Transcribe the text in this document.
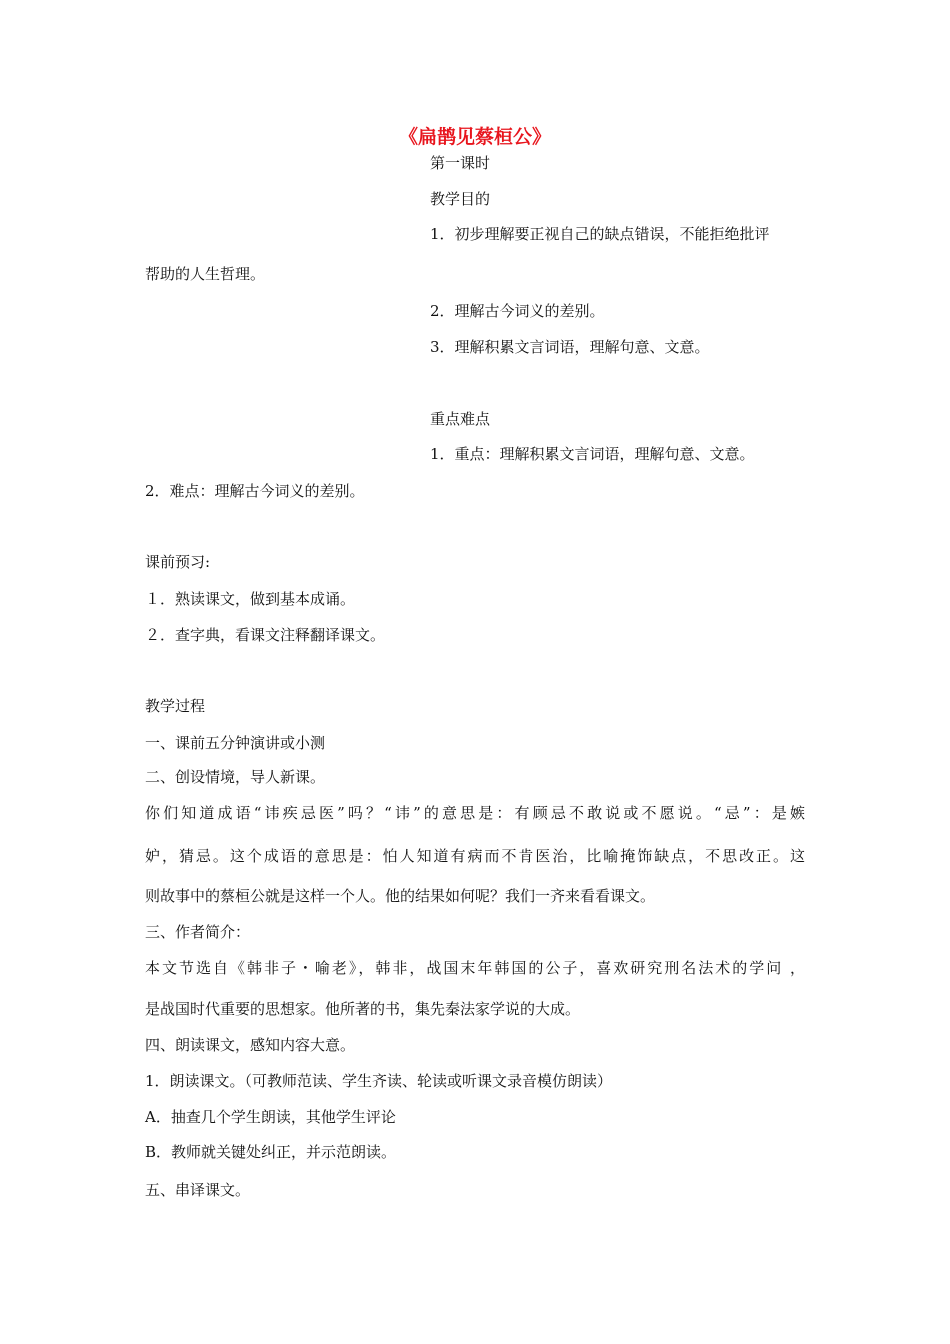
《扁鹊见蔡桓公》
第一课时
教学目的
1．初步理解要正视自己的缺点错误，不能拒绝批评
帮助的人生哲理。
2．理解古今词义的差别。
3．理解积累文言词语，理解句意、文意。
重点难点
1．重点：理解积累文言词语，理解句意、文意。
2．难点：理解古今词义的差别。
课前预习:
１．熟读课文，做到基本成诵。
２．查字典，看课文注释翻译课文。
教学过程
一、课前五分钟演讲或小测
二、创设情境，导人新课。
你们知道成语“讳疾忌医”吗？“讳”的意思是：有顾忌不敢说或不愿说。“忌”：是嫉
妒，猜忌。这个成语的意思是：怕人知道有病而不肯医治，比喻掩饰缺点，不思改正。这
则故事中的蔡桓公就是这样一个人。他的结果如何呢？我们一齐来看看课文。
三、作者简介：
本文节选自《韩非子・喻老》，韩非，战国末年韩国的公子，喜欢研究刑名法术的学问 ，
是战国时代重要的思想家。他所著的书，集先秦法家学说的大成。
四、朗读课文，感知内容大意。
1．朗读课文。（可教师范读、学生齐读、轮读或听课文录音模仿朗读）
A．抽查几个学生朗读，其他学生评论
B．教师就关键处纠正，并示范朗读。
五、串译课文。
